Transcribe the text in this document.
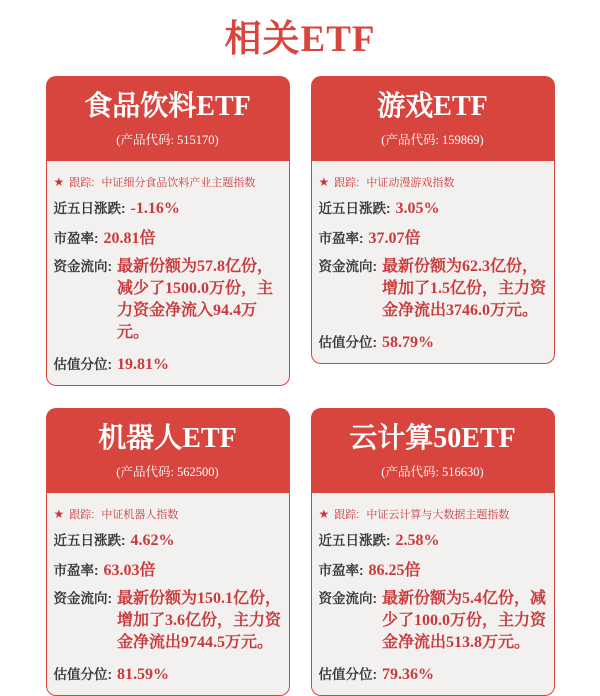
相关ETF
食品饮料ETF
(产品代码: 515170)
★ 跟踪: 中证细分食品饮料产业主题指数
近五日涨跌: -1.16%
市盈率: 20.81倍
资金流向: 最新份额为57.8亿份，减少了1500.0万份，主力资金净流入94.4万元。
估值分位: 19.81%
游戏ETF
(产品代码: 159869)
★ 跟踪: 中证动漫游戏指数
近五日涨跌: 3.05%
市盈率: 37.07倍
资金流向: 最新份额为62.3亿份，增加了1.5亿份，主力资金净流出3746.0万元。
估值分位: 58.79%
机器人ETF
(产品代码: 562500)
★ 跟踪: 中证机器人指数
近五日涨跌: 4.62%
市盈率: 63.03倍
资金流向: 最新份额为150.1亿份，增加了3.6亿份，主力资金净流出9744.5万元。
估值分位: 81.59%
云计算50ETF
(产品代码: 516630)
★ 跟踪: 中证云计算与大数据主题指数
近五日涨跌: 2.58%
市盈率: 86.25倍
资金流向: 最新份额为5.4亿份，减少了100.0万份，主力资金净流出513.8万元。
估值分位: 79.36%
